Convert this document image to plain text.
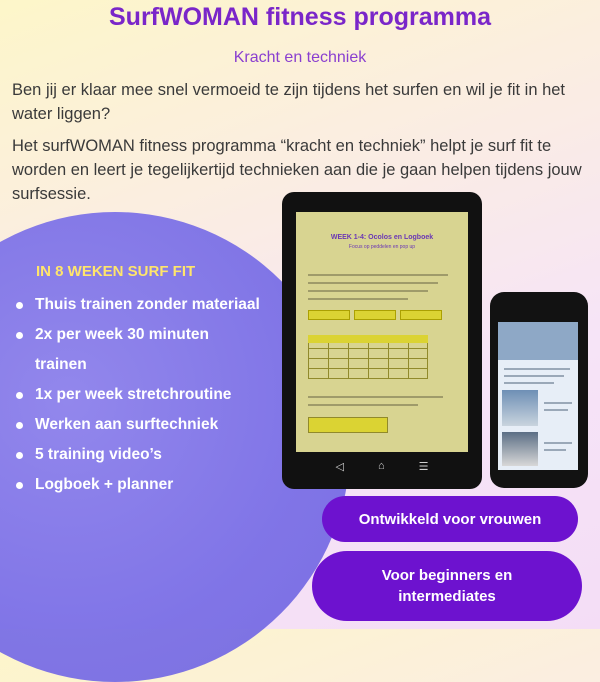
SurfWOMAN fitness programma
Kracht en techniek

Ben jij er klaar mee snel vermoeid te zijn tijdens het surfen en wil je fit in het water liggen?

Het surfWOMAN fitness programma “kracht en techniek” helpt je surf fit te worden en leert je tegelijkertijd technieken aan die je gaan helpen tijdens jouw surfsessie.

IN 8 WEKEN SURF FIT
Thuis trainen zonder materiaal
2x per week 30 minuten trainen
1x per week stretchroutine
Werken aan surftechniek
5 training video’s
Logboek + planner
WEEK 1-4: Ocolos en Logboek
Focus op peddelen en pop up
◁	⌂	☰
Ontwikkeld voor vrouwen
Voor beginners en intermediates
